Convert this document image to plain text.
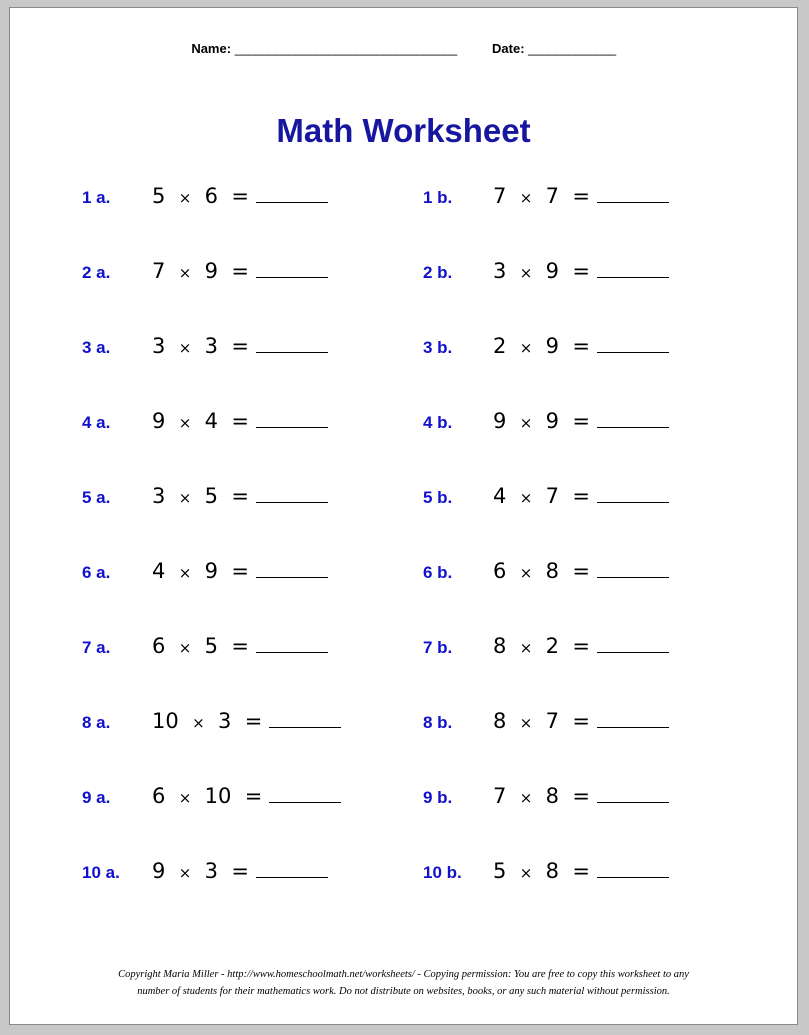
Name: _________________________________	Date: _____________
Math Worksheet
1 a.	5 × 6 =	1 b.	7 × 7 =
2 a.	7 × 9 =	2 b.	3 × 9 =
3 a.	3 × 3 =	3 b.	2 × 9 =
4 a.	9 × 4 =	4 b.	9 × 9 =
5 a.	3 × 5 =	5 b.	4 × 7 =
6 a.	4 × 9 =	6 b.	6 × 8 =
7 a.	6 × 5 =	7 b.	8 × 2 =
8 a.	10 × 3 =	8 b.	8 × 7 =
9 a.	6 × 10 =	9 b.	7 × 8 =
10 a.	9 × 3 =	10 b.	5 × 8 =
Copyright Maria Miller - http://www.homeschoolmath.net/worksheets/ - Copying permission: You are free to copy this worksheet to any
number of students for their mathematics work. Do not distribute on websites, books, or any such material without permission.
